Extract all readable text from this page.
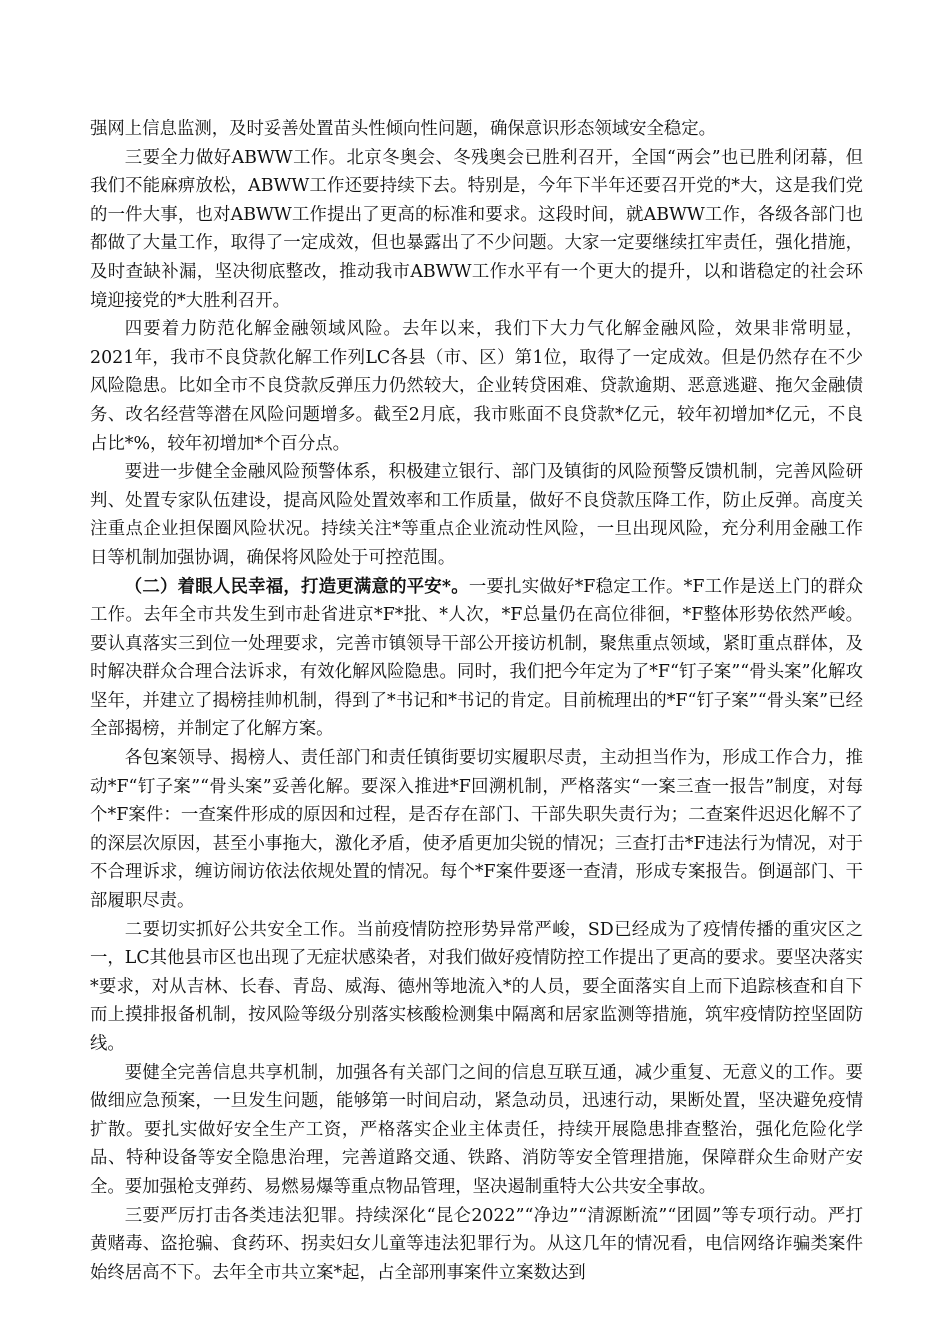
强网上信息监测，及时妥善处置苗头性倾向性问题，确保意识形态领域安全稳定。

三要全力做好ABWW工作。北京冬奥会、冬残奥会已胜利召开，全国“两会”也已胜利闭幕，但我们不能麻痹放松，ABWW工作还要持续下去。特别是，今年下半年还要召开党的*大，这是我们党的一件大事，也对ABWW工作提出了更高的标准和要求。这段时间，就ABWW工作，各级各部门也都做了大量工作，取得了一定成效，但也暴露出了不少问题。大家一定要继续扛牢责任，强化措施，及时查缺补漏，坚决彻底整改，推动我市ABWW工作水平有一个更大的提升，以和谐稳定的社会环境迎接党的*大胜利召开。

四要着力防范化解金融领域风险。去年以来，我们下大力气化解金融风险，效果非常明显，2021年，我市不良贷款化解工作列LC各县（市、区）第1位，取得了一定成效。但是仍然存在不少风险隐患。比如全市不良贷款反弹压力仍然较大，企业转贷困难、贷款逾期、恶意逃避、拖欠金融债务、改名经营等潜在风险问题增多。截至2月底，我市账面不良贷款*亿元，较年初增加*亿元，不良占比*%，较年初增加*个百分点。

要进一步健全金融风险预警体系，积极建立银行、部门及镇街的风险预警反馈机制，完善风险研判、处置专家队伍建设，提高风险处置效率和工作质量，做好不良贷款压降工作，防止反弹。高度关注重点企业担保圈风险状况。持续关注*等重点企业流动性风险，一旦出现风险，充分利用金融工作日等机制加强协调，确保将风险处于可控范围。

（二）着眼人民幸福，打造更满意的平安*。一要扎实做好*F稳定工作。*F工作是送上门的群众工作。去年全市共发生到市赴省进京*F*批、*人次，*F总量仍在高位徘徊，*F整体形势依然严峻。要认真落实三到位一处理要求，完善市镇领导干部公开接访机制，聚焦重点领域，紧盯重点群体，及时解决群众合理合法诉求，有效化解风险隐患。同时，我们把今年定为了*F“钉子案”“骨头案”化解攻坚年，并建立了揭榜挂帅机制，得到了*书记和*书记的肯定。目前梳理出的*F“钉子案”“骨头案”已经全部揭榜，并制定了化解方案。

各包案领导、揭榜人、责任部门和责任镇街要切实履职尽责，主动担当作为，形成工作合力，推动*F“钉子案”“骨头案”妥善化解。要深入推进*F回溯机制，严格落实“一案三查一报告”制度，对每个*F案件：一查案件形成的原因和过程，是否存在部门、干部失职失责行为；二查案件迟迟化解不了的深层次原因，甚至小事拖大，激化矛盾，使矛盾更加尖锐的情况；三查打击*F违法行为情况，对于不合理诉求，缠访闹访依法依规处置的情况。每个*F案件要逐一查清，形成专案报告。倒逼部门、干部履职尽责。

二要切实抓好公共安全工作。当前疫情防控形势异常严峻，SD已经成为了疫情传播的重灾区之一，LC其他县市区也出现了无症状感染者，对我们做好疫情防控工作提出了更高的要求。要坚决落实*要求，对从吉林、长春、青岛、威海、德州等地流入*的人员，要全面落实自上而下追踪核查和自下而上摸排报备机制，按风险等级分别落实核酸检测集中隔离和居家监测等措施，筑牢疫情防控坚固防线。

要健全完善信息共享机制，加强各有关部门之间的信息互联互通，减少重复、无意义的工作。要做细应急预案，一旦发生问题，能够第一时间启动，紧急动员，迅速行动，果断处置，坚决避免疫情扩散。要扎实做好安全生产工资，严格落实企业主体责任，持续开展隐患排查整治，强化危险化学品、特种设备等安全隐患治理，完善道路交通、铁路、消防等安全管理措施，保障群众生命财产安全。要加强枪支弹药、易燃易爆等重点物品管理，坚决遏制重特大公共安全事故。

三要严厉打击各类违法犯罪。持续深化“昆仑2022”“净边”“清源断流”“团圆”等专项行动。严打黄赌毒、盗抢骗、食药环、拐卖妇女儿童等违法犯罪行为。从这几年的情况看，电信网络诈骗类案件始终居高不下。去年全市共立案*起，占全部刑事案件立案数达到
